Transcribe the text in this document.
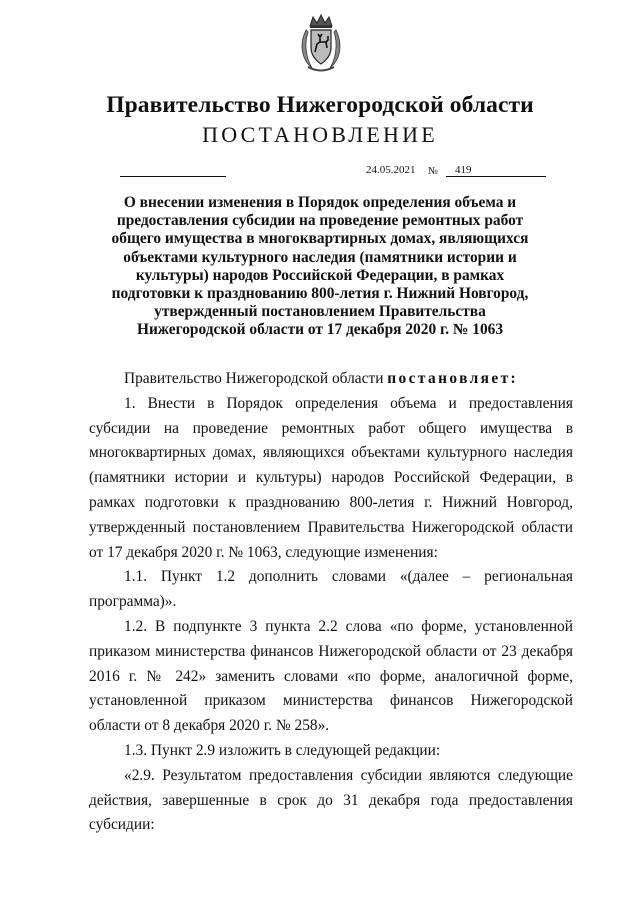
Правительство Нижегородской области
ПОСТАНОВЛЕНИЕ
24.05.2021 № 419
О внесении изменения в Порядок определения объема и предоставления субсидии на проведение ремонтных работ общего имущества в многоквартирных домах, являющихся объектами культурного наследия (памятники истории и культуры) народов Российской Федерации, в рамках подготовки к празднованию 800-летия г. Нижний Новгород, утвержденный постановлением Правительства Нижегородской области от 17 декабря 2020 г. № 1063

Правительство Нижегородской области постановляет:

1. Внести в Порядок определения объема и предоставления субсидии на проведение ремонтных работ общего имущества в многоквартирных домах, являющихся объектами культурного наследия (памятники истории и культуры) народов Российской Федерации, в рамках подготовки к празднованию 800-летия г. Нижний Новгород, утвержденный постановлением Правительства Нижегородской области от 17 декабря 2020 г. № 1063, следующие изменения:

1.1. Пункт 1.2 дополнить словами «(далее – региональная программа)».

1.2. В подпункте 3 пункта 2.2 слова «по форме, установленной приказом министерства финансов Нижегородской области от 23 декабря 2016 г. № 242» заменить словами «по форме, аналогичной форме, установленной приказом министерства финансов Нижегородской области от 8 декабря 2020 г. № 258».

1.3. Пункт 2.9 изложить в следующей редакции:

«2.9. Результатом предоставления субсидии являются следующие действия, завершенные в срок до 31 декабря года предоставления субсидии:
